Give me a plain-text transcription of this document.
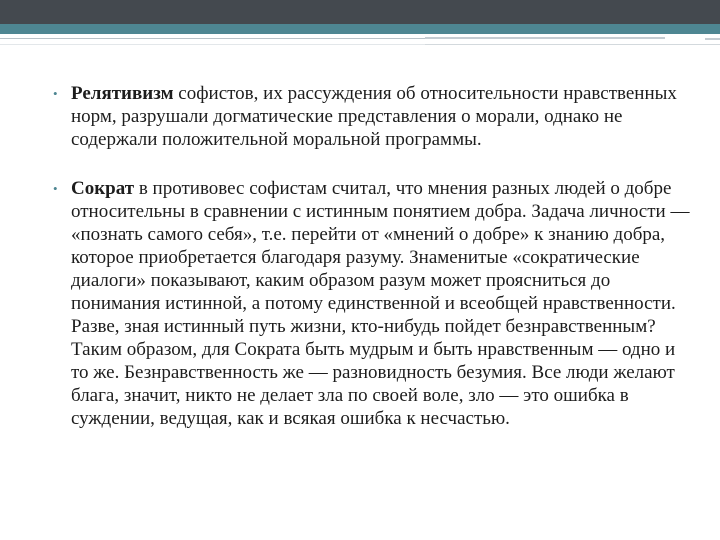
• Релятивизм софистов, их рассуждения об относительности нравственных норм, разрушали догматические представления о морали, однако не содержали положительной моральной программы.

• Сократ в противовес софистам считал, что мнения разных людей о добре относительны в сравнении с истинным понятием добра. Задача личности — «познать самого себя», т.е. перейти от «мнений о добре» к знанию добра, которое приобретается благодаря разуму. Знаменитые «сократические диалоги» показывают, каким образом разум может проясниться до понимания истинной, а потому единственной и всеобщей нравственности. Разве, зная истинный путь жизни, кто-нибудь пойдет безнравственным? Таким образом, для Сократа быть мудрым и быть нравственным — одно и то же. Безнравственность же — разновидность безумия. Все люди желают блага, значит, никто не делает зла по своей воле, зло — это ошибка в суждении, ведущая, как и всякая ошибка к несчастью.
